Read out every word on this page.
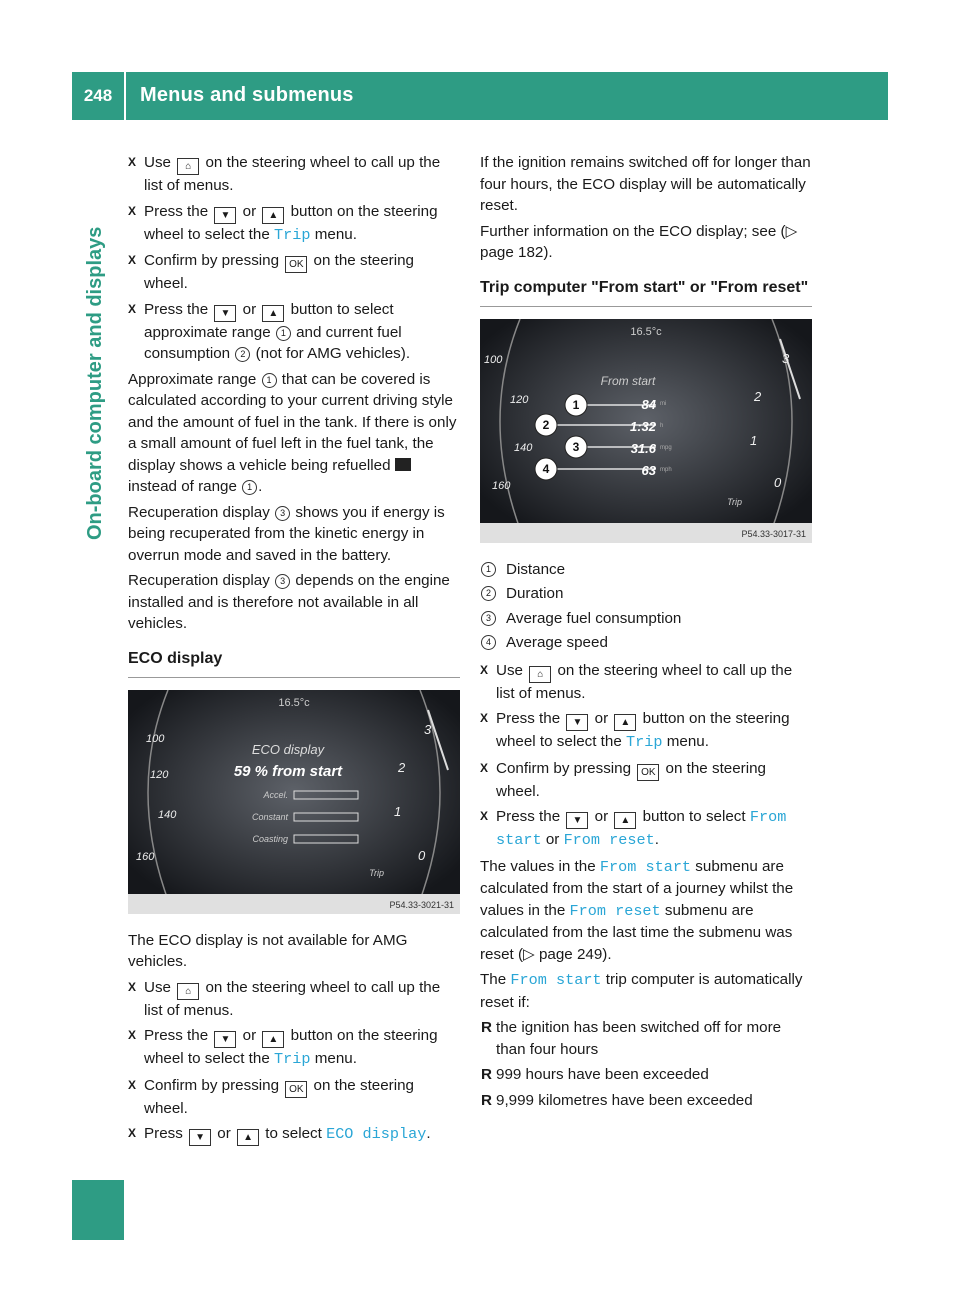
248	Menus and submenus
On-board computer and displays
X Use ⌂ on the steering wheel to call up the list of menus.
X Press the ▼ or ▲ button on the steering wheel to select the Trip menu.
X Confirm by pressing OK on the steering wheel.
X Press the ▼ or ▲ button to select approximate range 1 and current fuel consumption 2 (not for AMG vehicles).

Approximate range 1 that can be covered is calculated according to your current driving style and the amount of fuel in the tank. If there is only a small amount of fuel left in the fuel tank, the display shows a vehicle being refuelled  instead of range 1 .

Recuperation display 3 shows you if energy is being recuperated from the kinetic energy in overrun mode and saved in the battery.

Recuperation display 3 depends on the engine installed and is therefore not available in all vehicles.

ECO display
16.5°c
ECO display
59 % from start
Accel.
Constant
Coasting
100
120
140
160
3
2
1
0
Trip
P54.33-3021-31

The ECO display is not available for AMG vehicles.

X Use ⌂ on the steering wheel to call up the list of menus.
X Press the ▼ or ▲ button on the steering wheel to select the Trip menu.
X Confirm by pressing OK on the steering wheel.
X Press ▼ or ▲ to select ECO display.

If the ignition remains switched off for longer than four hours, the ECO display will be automatically reset.

Further information on the ECO display; see (▷ page 182).

Trip computer "From start" or "From reset"
16.5°c
From start
1
2
3
4
84
1:32
31.6
63
mi
h
mpg
mph
100
120
140
160
3
2
1
0
Trip
P54.33-3017-31
1 Distance
2 Duration
3 Average fuel consumption
4 Average speed
X Use ⌂ on the steering wheel to call up the list of menus.
X Press the ▼ or ▲ button on the steering wheel to select the Trip menu.
X Confirm by pressing OK on the steering wheel.
X Press the ▼ or ▲ button to select From start or From reset.

The values in the From start submenu are calculated from the start of a journey whilst the values in the From reset submenu are calculated from the last time the submenu was reset (▷ page 249).

The From start trip computer is automatically reset if:

R the ignition has been switched off for more than four hours
R 999 hours have been exceeded
R 9,999 kilometres have been exceeded
